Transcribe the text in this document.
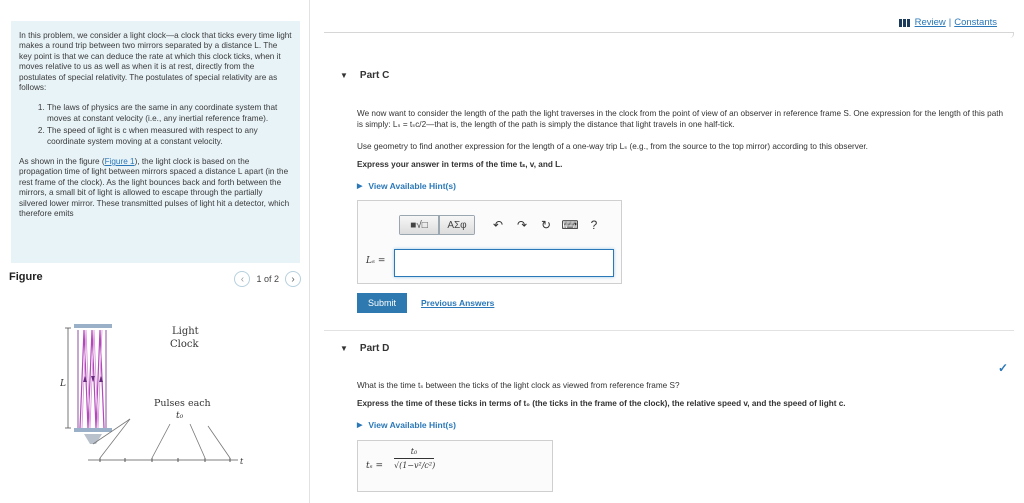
In this problem, we consider a light clock—a clock that ticks every time light makes a round trip between two mirrors separated by a distance L. The key point is that we can deduce the rate at which this clock ticks, when it moves relative to us as well as when it is at rest, directly from the postulates of special relativity. The postulates of special relativity are as follows:

1. The laws of physics are the same in any coordinate system that moves at constant velocity (i.e., any inertial reference frame).
2. The speed of light is c when measured with respect to any coordinate system moving at a constant velocity.

As shown in the figure (Figure 1), the light clock is based on the propagation time of light between mirrors spaced a distance L apart (in the rest frame of the clock). As the light bounces back and forth between the mirrors, a small bit of light is allowed to escape through the partially silvered lower mirror. These transmitted pulses of light hit a detector, which therefore emits

Figure	‹	1 of 2	›
L
Light
Clock
Pulses each
t₀
t
Review | Constants
▼ Part C
We now want to consider the length of the path the light traverses in the clock from the point of view of an observer in reference frame S. One expression for the length of this path is simply: Lₛ = tₛc/2—that is, the length of the path is simply the distance that light travels in one half-tick.
Use geometry to find another expression for the length of a one-way trip Lₛ (e.g., from the source to the top mirror) according to this observer.
Express your answer in terms of the time tₛ, v, and L.
▶ View Available Hint(s)
■√□	AΣφ	↶	↷	↻ ⌨	?
Lₛ =
Submit	Previous Answers
▼ Part D
✓
What is the time tₛ between the ticks of the light clock as viewed from reference frame S?
Express the time of these ticks in terms of t₀ (the ticks in the frame of the clock), the relative speed v, and the speed of light c.
▶ View Available Hint(s)
$t_s = \frac{\text{t₀}}{\text{√(1−v²/c²)}}$
